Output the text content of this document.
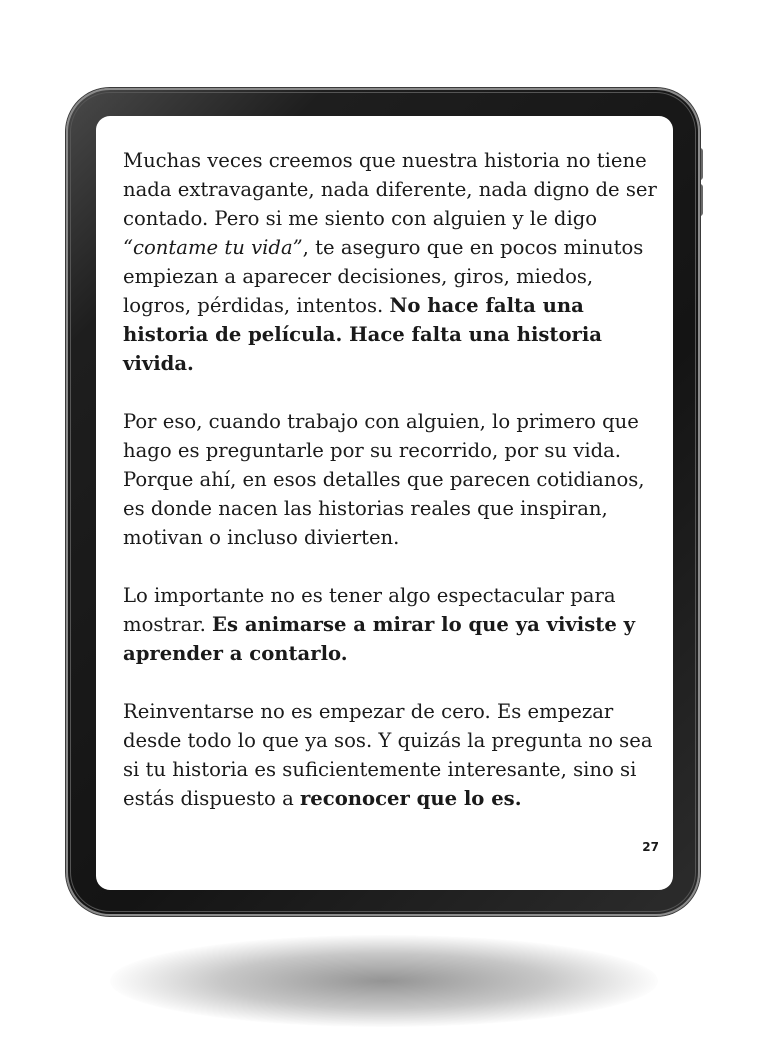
Muchas veces creemos que nuestra historia no tiene nada extravagante, nada diferente, nada digno de ser contado. Pero si me siento con alguien y le digo “contame tu vida”, te aseguro que en pocos minutos empiezan a aparecer decisiones, giros, miedos, logros, pérdidas, intentos. No hace falta una historia de película. Hace falta una historia vivida.

Por eso, cuando trabajo con alguien, lo primero que hago es preguntarle por su recorrido, por su vida. Porque ahí, en esos detalles que parecen cotidianos, es donde nacen las historias reales que inspiran, motivan o incluso divierten.

Lo importante no es tener algo espectacular para mostrar. Es animarse a mirar lo que ya viviste y aprender a contarlo.

Reinventarse no es empezar de cero. Es empezar desde todo lo que ya sos. Y quizás la pregunta no sea si tu historia es suficientemente interesante, sino si estás dispuesto a reconocer que lo es.

27
